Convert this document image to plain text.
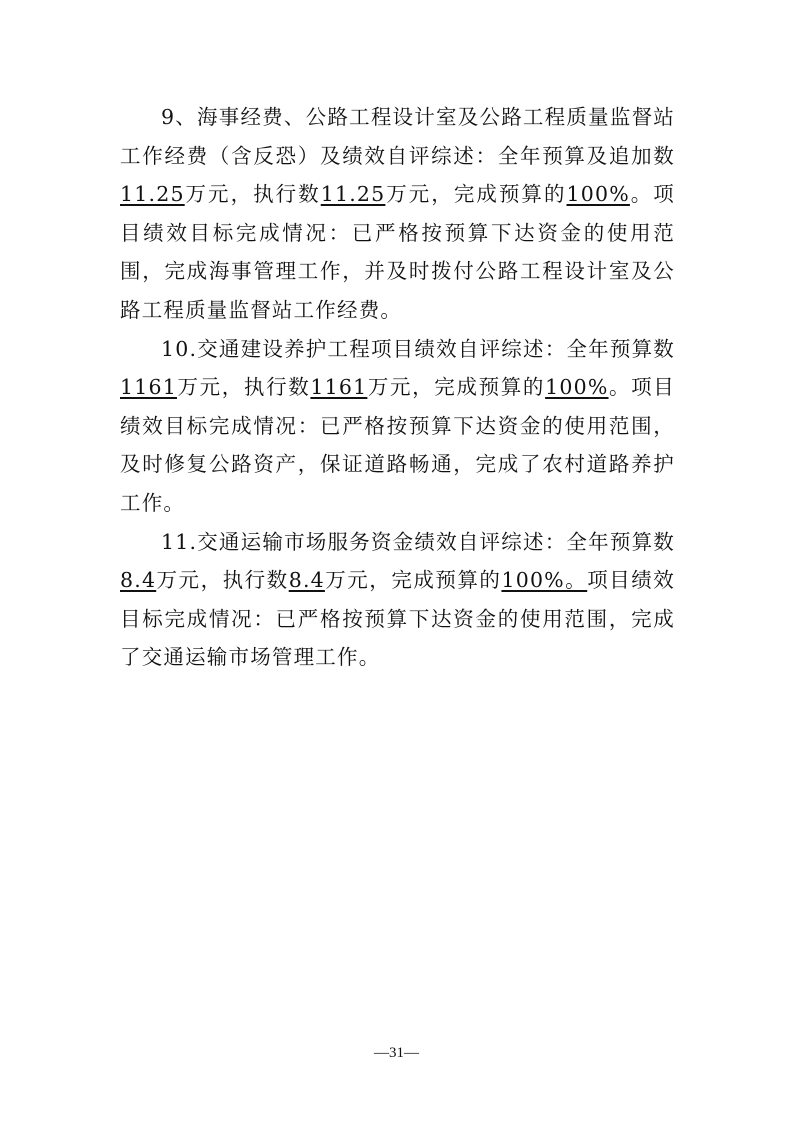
9、海事经费、公路工程设计室及公路工程质量监督站工作经费（含反恐）及绩效自评综述：全年预算及追加数11.25万元，执行数11.25万元，完成预算的100%。项目绩效目标完成情况：已严格按预算下达资金的使用范围，完成海事管理工作，并及时拨付公路工程设计室及公路工程质量监督站工作经费。

10.交通建设养护工程项目绩效自评综述：全年预算数1161万元，执行数1161万元，完成预算的100%。项目绩效目标完成情况：已严格按预算下达资金的使用范围，及时修复公路资产，保证道路畅通，完成了农村道路养护工作。

11.交通运输市场服务资金绩效自评综述：全年预算数8.4万元，执行数8.4万元，完成预算的100%。项目绩效目标完成情况：已严格按预算下达资金的使用范围，完成了交通运输市场管理工作。

—31—
